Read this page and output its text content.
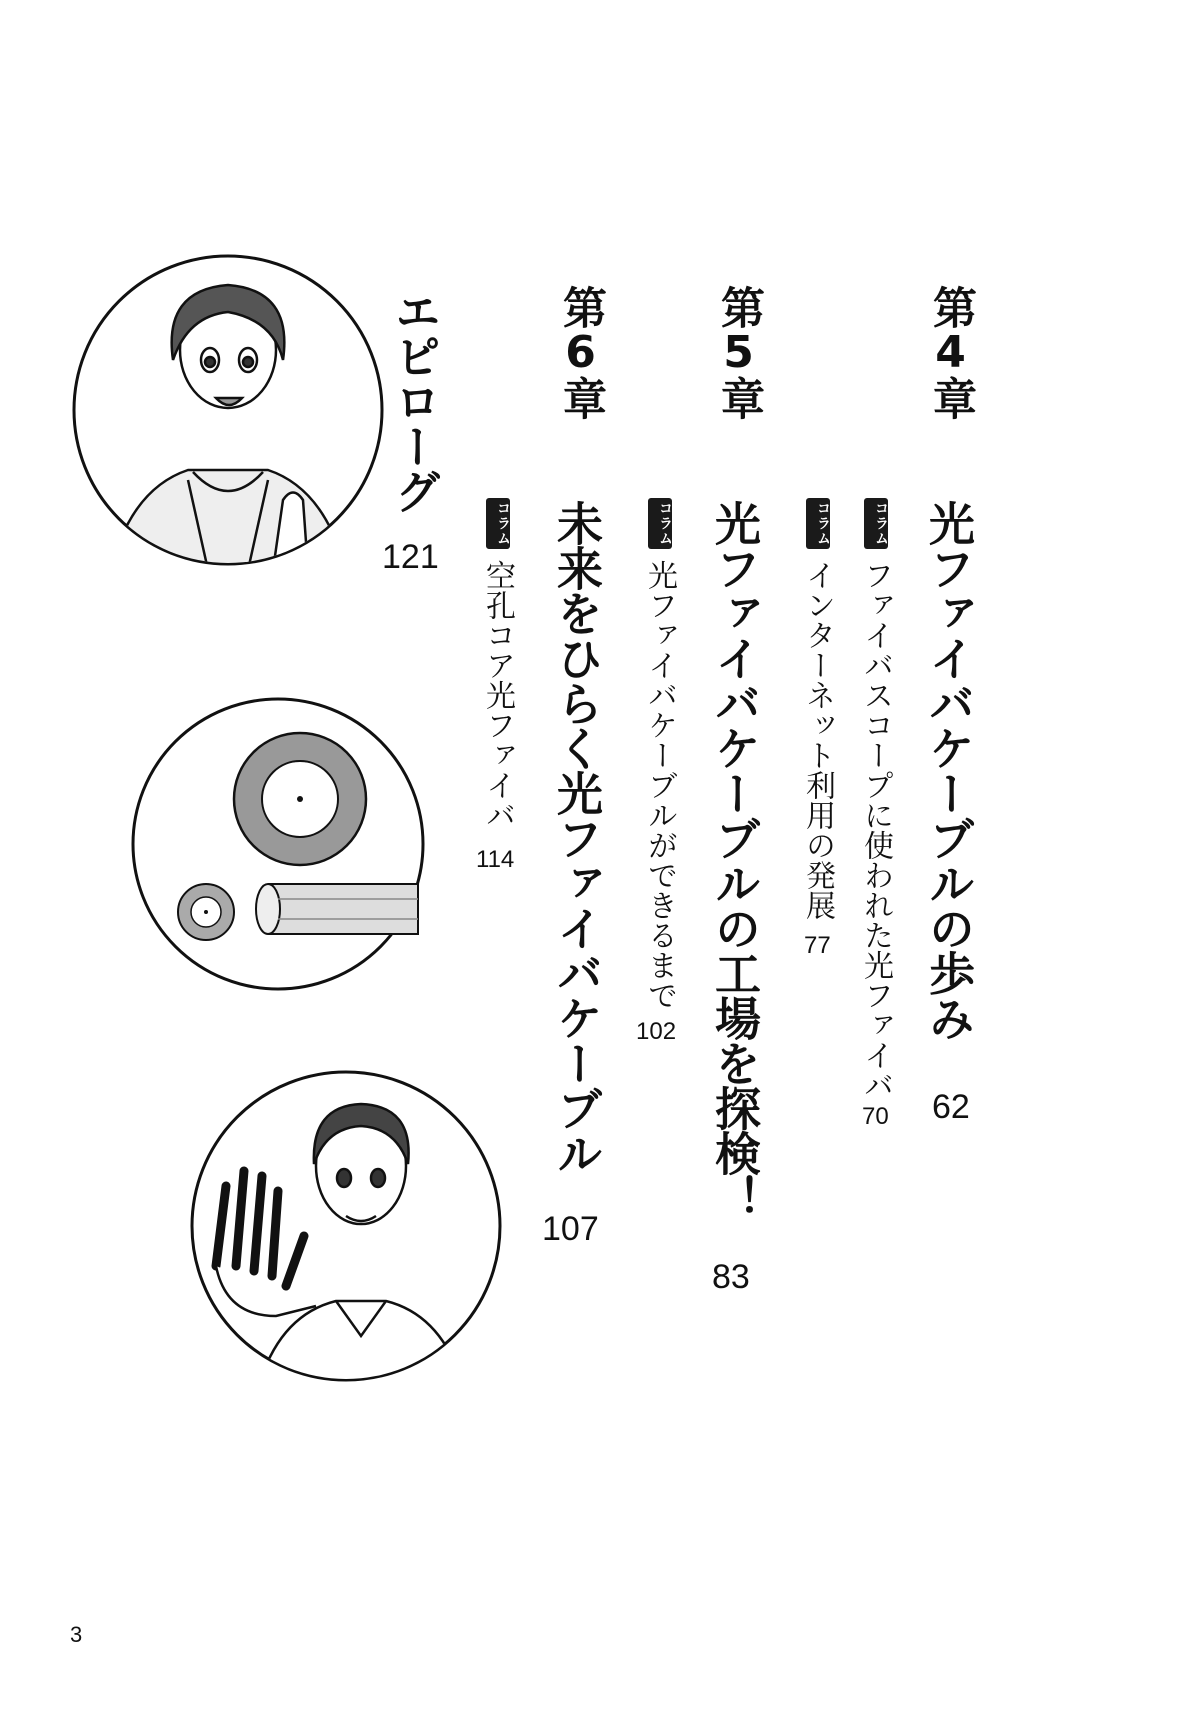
第4章

光ファイバケーブルの歩み

62
コラム

ファイバスコープに使われた光ファイバ

70
コラム

インターネット利用の発展

77

第5章

光ファイバケーブルの工場を探検！

83
コラム

光ファイバケーブルができるまで

102

第6章

未来をひらく光ファイバケーブル

107
コラム

空孔コア光ファイバ

114

エピローグ

121
3
